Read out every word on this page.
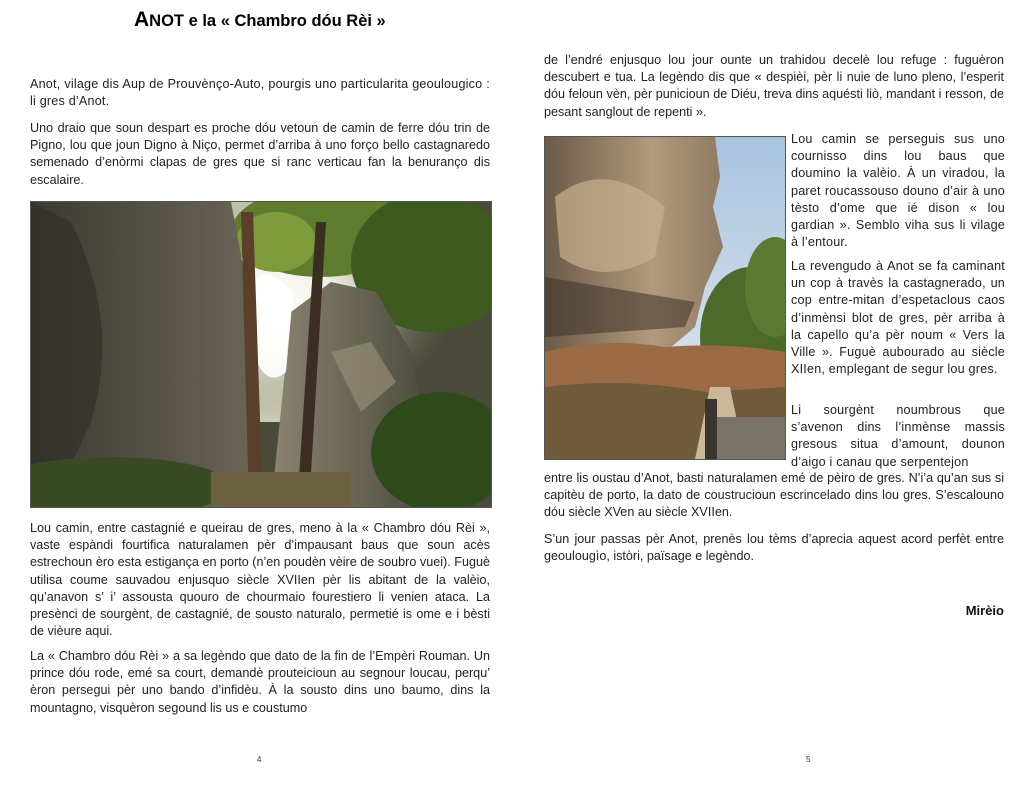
ANOT e la « Chambro dóu Rèi »

Anot, vilage dis Aup de Prouvènço-Auto, pourgis uno particularita geoulougico : li gres d’Anot.

Uno draio que soun despart es proche dóu vetoun de camin de ferre dóu trin de Pigno, lou que joun Digno à Niço, permet d’arriba à uno forço bello castagnaredo semenado d’enòrmi clapas de gres que si ranc verticau fan la benuranço dis escalaire.

Lou camin, entre castagnié e queirau de gres, meno à la « Chambro dóu Rèi », vaste espàndi fourtifica naturalamen pèr d’impausant baus que soun acès estrechoun èro esta estigança en porto (n’en poudèn vèire de soubro vuei). Fuguè utilisa coume sauvadou enjusquo siècle XVIIen pèr lis abitant de la valèio, qu’anavon s’ i’ assousta quouro de chourmaio fourestiero li venien ataca. La presènci de sourgènt, de castagnié, de sousto naturalo, permetié is ome e i bèsti de vièure aqui.

La « Chambro dóu Rèi » a sa legèndo que dato de la fin de l’Empèri Rouman. Un prince dóu rode, emé sa court, demandè prouteicioun au segnour loucau, perqu’ èron persegui pèr uno bando d’infidèu. À la sousto dins uno baumo, dins la mountagno, visquèron segound lis us e coustumo

4

de l’endré enjusquo lou jour ounte un trahidou decelè lou refuge : fuguèron descubert e tua. La legèndo dis que « despièi, pèr li nuie de luno pleno, l’esperit dóu feloun vèn, pèr punicioun de Diéu, treva dins aquésti liò, mandant i resson, de pesant sanglout de repenti ».

Lou camin se perseguis sus uno cournisso dins lou baus que doumino la valèio. À un viradou, la paret roucassouso douno d’air à uno tèsto d’ome que ié dison « lou gardian ». Semblo viha sus li vilage à l’entour.

La revengudo à Anot se fa caminant un cop à travès la castagnerado, un cop entre-mitan d’espetaclous caos d’inmènsi blot de gres, pèr arriba à la capello qu’a pèr noum « Vers la Ville ». Fuguè aubourado au siècle XIIen, emplegant de segur lou gres.

Li sourgènt noumbrous que s’avenon dins l’inmènse massis gresous situa d’amount, dounon d’aigo i canau que serpentejon

entre lis oustau d’Anot, basti naturalamen emé de pèiro de gres. N’i’a qu’an sus si capitèu de porto, la dato de coustrucioun escrincelado dins lou gres. S’escalouno dóu siècle XVen au siècle XVIIen.

S’un jour passas pèr Anot, prenès lou tèms d’aprecia aquest acord perfèt entre geoulougìo, istòri, païsage e legèndo.

Mirèio
5
